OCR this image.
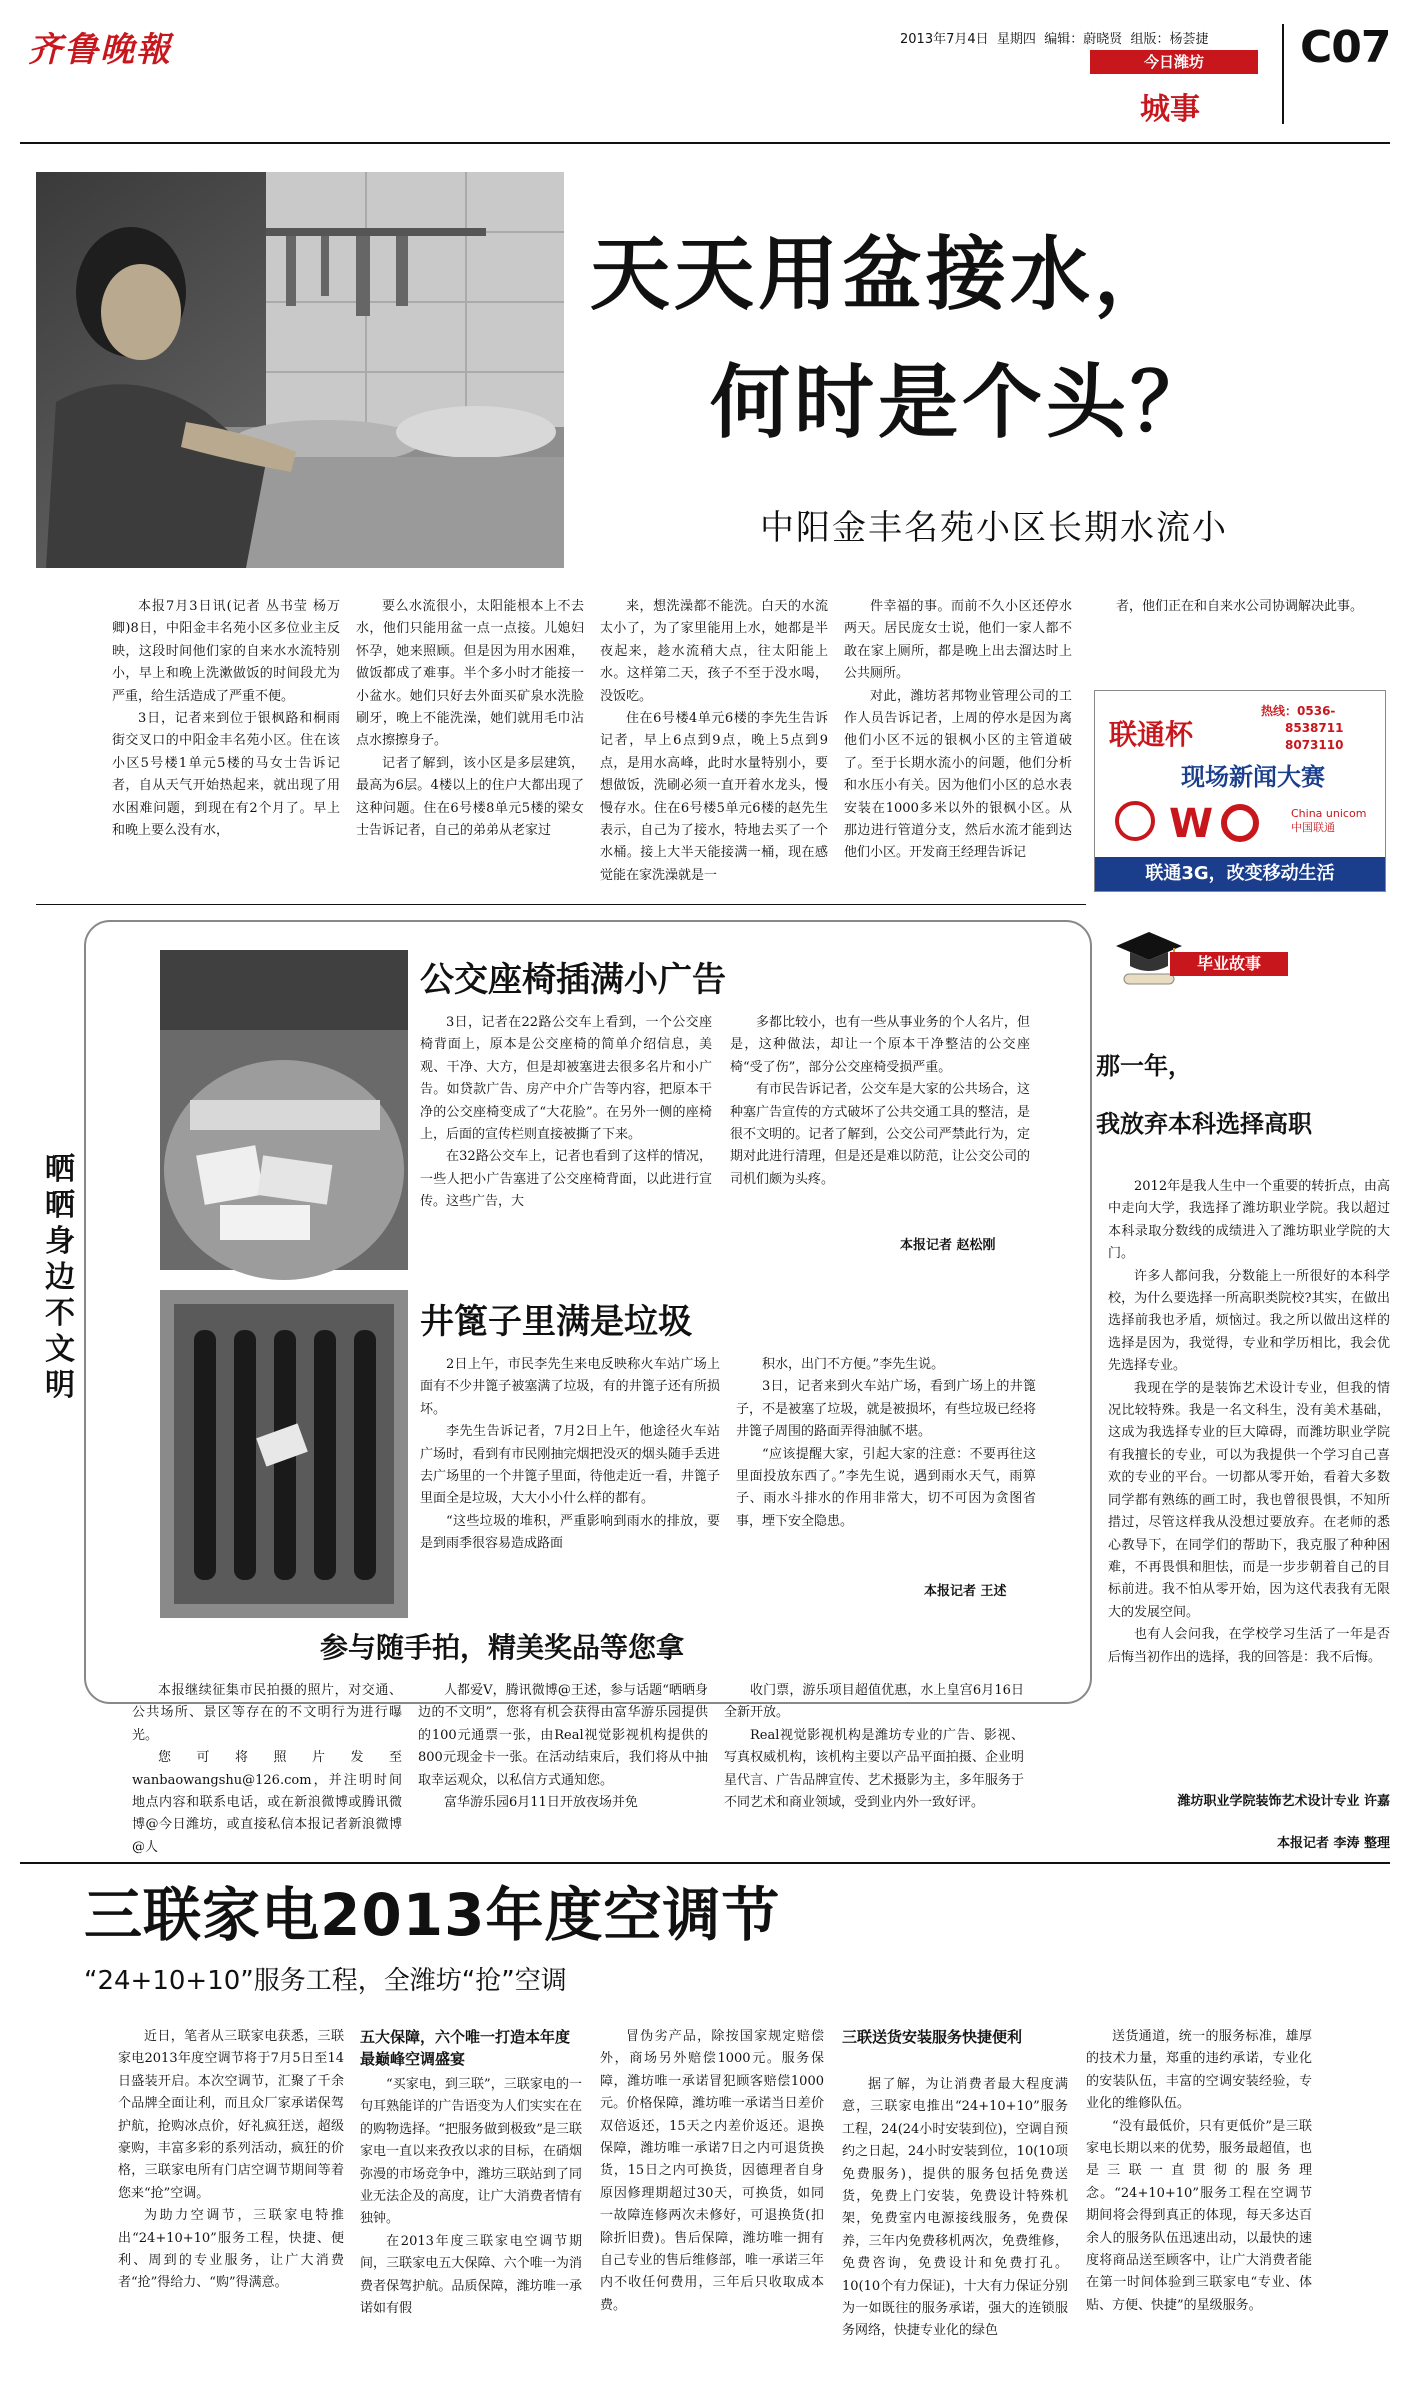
齐鲁晚報	2013年7月4日 星期四 编辑：蔚晓贤 组版：杨荟捷
今日潍坊
城事
C07
天天用盆接水，
何时是个头？
中阳金丰名苑小区长期水流小

本报7月3日讯(记者 丛书莹 杨万卿)8日，中阳金丰名苑小区多位业主反映，这段时间他们家的自来水水流特别小，早上和晚上洗漱做饭的时间段尤为严重，给生活造成了严重不便。

3日，记者来到位于银枫路和桐雨街交叉口的中阳金丰名苑小区。住在该小区5号楼1单元5楼的马女士告诉记者，自从天气开始热起来，就出现了用水困难问题，到现在有2个月了。早上和晚上要么没有水，

要么水流很小，太阳能根本上不去水，他们只能用盆一点一点接。儿媳妇怀孕，她来照顾。但是因为用水困难，做饭都成了难事。半个多小时才能接一小盆水。她们只好去外面买矿泉水洗脸刷牙，晚上不能洗澡，她们就用毛巾沾点水擦擦身子。

记者了解到，该小区是多层建筑，最高为6层。4楼以上的住户大都出现了这种问题。住在6号楼8单元5楼的梁女士告诉记者，自己的弟弟从老家过

来，想洗澡都不能洗。白天的水流太小了，为了家里能用上水，她都是半夜起来，趁水流稍大点，往太阳能上水。这样第二天，孩子不至于没水喝，没饭吃。

住在6号楼4单元6楼的李先生告诉记者，早上6点到9点，晚上5点到9点，是用水高峰，此时水量特别小，要想做饭，洗刷必须一直开着水龙头，慢慢存水。住在6号楼5单元6楼的赵先生表示，自己为了接水，特地去买了一个水桶。接上大半天能接满一桶，现在感觉能在家洗澡就是一

件幸福的事。而前不久小区还停水两天。居民庞女士说，他们一家人都不敢在家上厕所，都是晚上出去溜达时上公共厕所。

对此，潍坊茗邦物业管理公司的工作人员告诉记者，上周的停水是因为离他们小区不远的银枫小区的主管道破了。至于长期水流小的问题，他们分析和水压小有关。因为他们小区的总水表安装在1000多米以外的银枫小区。从那边进行管道分支，然后水流才能到达他们小区。开发商王经理告诉记

者，他们正在和自来水公司协调解决此事。

联通杯
热线：0536-
8538711
8073110
现场新闻大赛
W	China unicom
中国联通
联通3G，改变移动生活
晒晒身边不文明
公交座椅插满小广告

3日，记者在22路公交车上看到，一个公交座椅背面上，原本是公交座椅的简单介绍信息，美观、干净、大方，但是却被塞进去很多名片和小广告。如贷款广告、房产中介广告等内容，把原本干净的公交座椅变成了“大花脸”。在另外一侧的座椅上，后面的宣传栏则直接被撕了下来。

在32路公交车上，记者也看到了这样的情况，一些人把小广告塞进了公交座椅背面，以此进行宣传。这些广告，大

多都比较小，也有一些从事业务的个人名片，但是，这种做法，却让一个原本干净整洁的公交座椅“受了伤”，部分公交座椅受损严重。

有市民告诉记者，公交车是大家的公共场合，这种塞广告宣传的方式破坏了公共交通工具的整洁，是很不文明的。记者了解到，公交公司严禁此行为，定期对此进行清理，但是还是难以防范，让公交公司的司机们颇为头疼。

本报记者 赵松刚
井篦子里满是垃圾

2日上午，市民李先生来电反映称火车站广场上面有不少井篦子被塞满了垃圾，有的井篦子还有所损坏。

李先生告诉记者，7月2日上午，他途径火车站广场时，看到有市民刚抽完烟把没灭的烟头随手丢进去广场里的一个井篦子里面，待他走近一看，井篦子里面全是垃圾，大大小小什么样的都有。

“这些垃圾的堆积，严重影响到雨水的排放，要是到雨季很容易造成路面

积水，出门不方便。”李先生说。

3日，记者来到火车站广场，看到广场上的井篦子，不是被塞了垃圾，就是被损坏，有些垃圾已经将井篦子周围的路面弄得油腻不堪。

“应该提醒大家，引起大家的注意：不要再往这里面投放东西了。”李先生说，遇到雨水天气，雨箅子、雨水斗排水的作用非常大，切不可因为贪图省事，堙下安全隐患。

本报记者 王述
参与随手拍，精美奖品等您拿

本报继续征集市民拍摄的照片，对交通、公共场所、景区等存在的不文明行为进行曝光。

您可将照片发至wanbaowangshu@126.com，并注明时间地点内容和联系电话，或在新浪微博或腾讯微博@今日潍坊，或直接私信本报记者新浪微博@人

人都爱V，腾讯微博@王述，参与话题“晒晒身边的不文明”，您将有机会获得由富华游乐园提供的100元通票一张，由Real视觉影视机构提供的800元现金卡一张。在活动结束后，我们将从中抽取幸运观众，以私信方式通知您。

富华游乐园6月11日开放夜场并免

收门票，游乐项目超值优惠，水上皇宫6月16日全新开放。

Real视觉影视机构是潍坊专业的广告、影视、写真权威机构，该机构主要以产品平面拍摄、企业明星代言、广告品牌宣传、艺术摄影为主，多年服务于不同艺术和商业领域，受到业内外一致好评。

毕业故事
那一年，
我放弃本科选择高职

2012年是我人生中一个重要的转折点，由高中走向大学，我选择了潍坊职业学院。我以超过本科录取分数线的成绩进入了潍坊职业学院的大门。

许多人都问我，分数能上一所很好的本科学校，为什么要选择一所高职类院校?其实，在做出选择前我也矛盾，烦恼过。我之所以做出这样的选择是因为，我觉得，专业和学历相比，我会优先选择专业。

我现在学的是装饰艺术设计专业，但我的情况比较特殊。我是一名文科生，没有美术基础，这成为我选择专业的巨大障碍，而潍坊职业学院有我擅长的专业，可以为我提供一个学习自己喜欢的专业的平台。一切都从零开始，看着大多数同学都有熟练的画工时，我也曾很畏惧，不知所措过，尽管这样我从没想过要放弃。在老师的悉心教导下，在同学们的帮助下，我克服了种种困难，不再畏惧和胆怯，而是一步步朝着自己的目标前进。我不怕从零开始，因为这代表我有无限大的发展空间。

也有人会问我，在学校学习生活了一年是否后悔当初作出的选择，我的回答是：我不后悔。

潍坊职业学院装饰艺术设计专业 许嘉
本报记者 李涛 整理
三联家电2013年度空调节
“24+10+10”服务工程，全潍坊“抢”空调

近日，笔者从三联家电获悉，三联家电2013年度空调节将于7月5日至14日盛装开启。本次空调节，汇聚了千余个品牌全面让利，而且众厂家承诺保驾护航，抢购冰点价，好礼疯狂送，超级豪购，丰富多彩的系列活动，疯狂的价格，三联家电所有门店空调节期间等着您来“抢”空调。

为助力空调节，三联家电特推出“24+10+10”服务工程，快捷、便利、周到的专业服务，让广大消费者“抢”得给力、“购”得满意。

五大保障，六个唯一打造本年度最巅峰空调盛宴

“买家电，到三联”，三联家电的一句耳熟能详的广告语变为人们实实在在的购物选择。“把服务做到极致”是三联家电一直以来孜孜以求的目标，在硝烟弥漫的市场竞争中，潍坊三联站到了同业无法企及的高度，让广大消费者情有独钟。

在2013年度三联家电空调节期间，三联家电五大保障、六个唯一为消费者保驾护航。品质保障，潍坊唯一承诺如有假

冒伪劣产品，除按国家规定赔偿外，商场另外赔偿1000元。服务保障，潍坊唯一承诺冒犯顾客赔偿1000元。价格保障，潍坊唯一承诺当日差价双倍返还，15天之内差价返还。退换保障，潍坊唯一承诺7日之内可退货换货，15日之内可换货，因德理者自身原因修理期超过30天，可换货，如同一故障连修两次未修好，可退换货(扣除折旧费)。售后保障，潍坊唯一拥有自己专业的售后维修部，唯一承诺三年内不收任何费用，三年后只收取成本费。

三联送货安装服务快捷便利

据了解，为让消费者最大程度满意，三联家电推出“24+10+10”服务工程，24(24小时安装到位)，空调自预约之日起，24小时安装到位，10(10项免费服务)，提供的服务包括免费送货，免费上门安装，免费设计特殊机架，免费室内电源接线服务，免费保养，三年内免费移机两次，免费维修，免费咨询，免费设计和免费打孔。10(10个有力保证)，十大有力保证分别为一如既往的服务承诺，强大的连锁服务网络，快捷专业化的绿色

送货通道，统一的服务标准，雄厚的技术力量，郑重的违约承诺，专业化的安装队伍，丰富的空调安装经验，专业化的维修队伍。

“没有最低价，只有更低价”是三联家电长期以来的优势，服务最超值，也是三联一直贯彻的服务理念。“24+10+10”服务工程在空调节期间将会得到真正的体现，每天多达百余人的服务队伍迅速出动，以最快的速度将商品送至顾客中，让广大消费者能在第一时间体验到三联家电“专业、体贴、方便、快捷”的星级服务。
